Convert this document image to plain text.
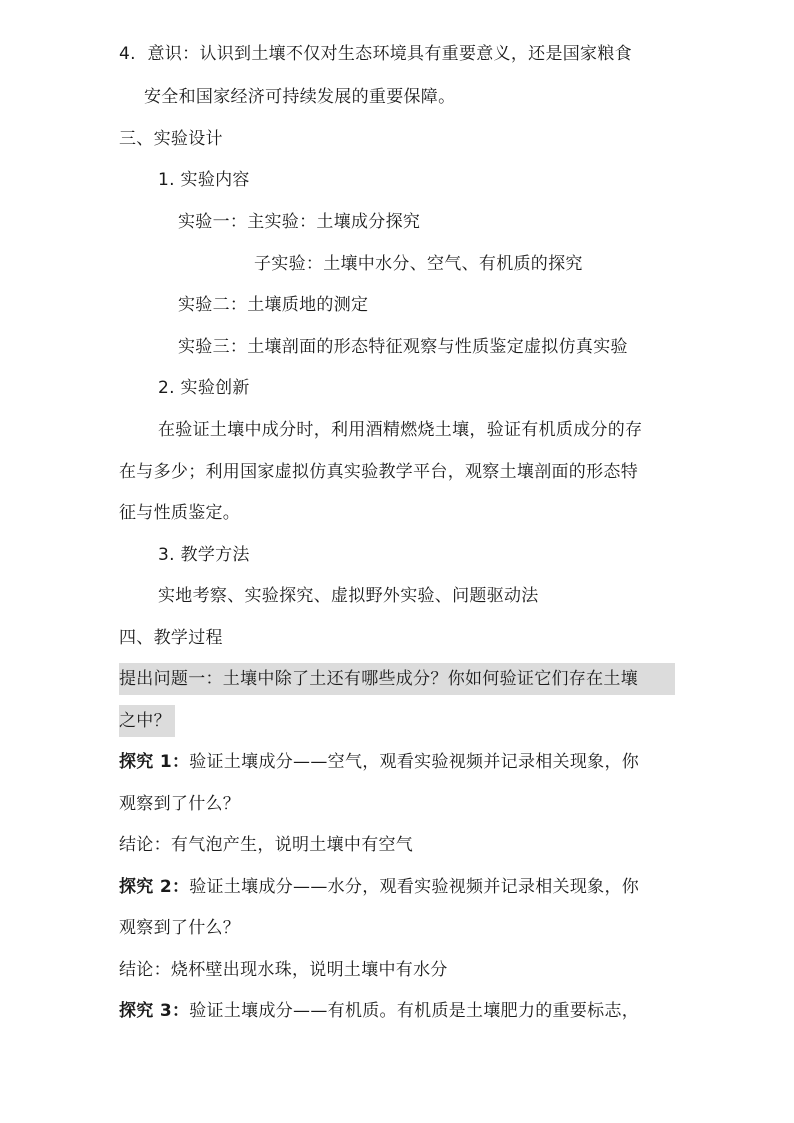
4. 意识：认识到土壤不仅对生态环境具有重要意义，还是国家粮食
安全和国家经济可持续发展的重要保障。
三、实验设计
1. 实验内容
实验一：主实验：土壤成分探究
子实验：土壤中水分、空气、有机质的探究
实验二：土壤质地的测定
实验三：土壤剖面的形态特征观察与性质鉴定虚拟仿真实验
2. 实验创新
在验证土壤中成分时，利用酒精燃烧土壤，验证有机质成分的存
在与多少；利用国家虚拟仿真实验教学平台，观察土壤剖面的形态特
征与性质鉴定。
3. 教学方法
实地考察、实验探究、虚拟野外实验、问题驱动法
四、教学过程
提出问题一：土壤中除了土还有哪些成分？你如何验证它们存在土壤
之中？
探究 1：验证土壤成分——空气，观看实验视频并记录相关现象，你
观察到了什么？
结论：有气泡产生，说明土壤中有空气
探究 2：验证土壤成分——水分，观看实验视频并记录相关现象，你
观察到了什么？
结论：烧杯壁出现水珠，说明土壤中有水分
探究 3：验证土壤成分——有机质。有机质是土壤肥力的重要标志，
